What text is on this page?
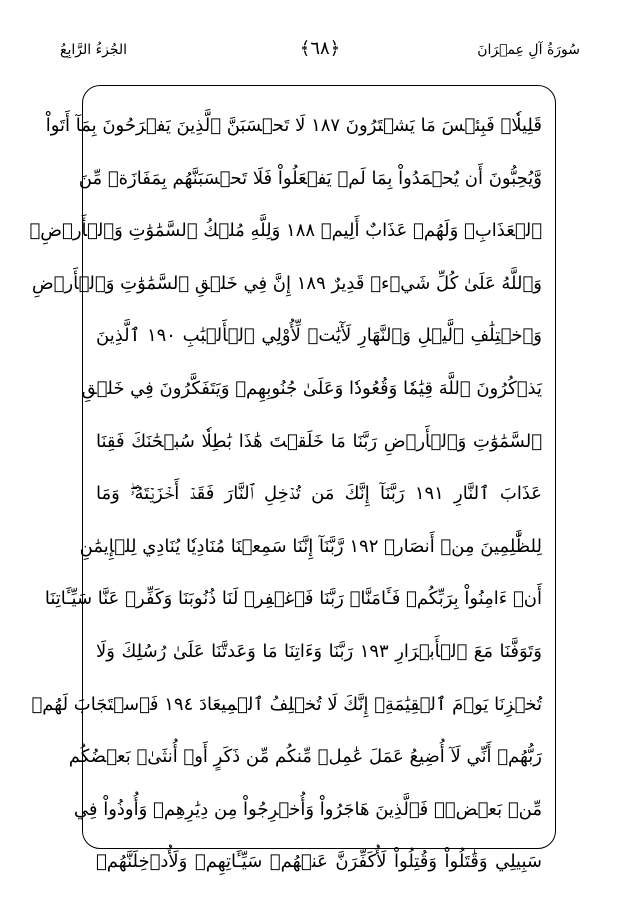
سُورَةُ آلِ عِمۡرَانَ
﴿٦٨﴾
الجُزءُ الرَّابِعُ
قَلِيلٗاۖ فَبِئۡسَ مَا يَشۡتَرُونَ ١٨٧ لَا تَحۡسَبَنَّ ٱلَّذِينَ يَفۡرَحُونَ بِمَآ أَتَواْ
وَّيُحِبُّونَ أَن يُحۡمَدُواْ بِمَا لَمۡ يَفۡعَلُواْ فَلَا تَحۡسَبَنَّهُم بِمَفَازَةٖ مِّنَ
ٱلۡعَذَابِۖ وَلَهُمۡ عَذَابٌ أَلِيمٞ ١٨٨ وَلِلَّهِ مُلۡكُ ٱلسَّمَٰوَٰتِ وَٱلۡأَرۡضِۗ
وَٱللَّهُ عَلَىٰ كُلِّ شَيۡءٖ قَدِيرٌ ١٨٩ إِنَّ فِي خَلۡقِ ٱلسَّمَٰوَٰتِ وَٱلۡأَرۡضِ
وَٱخۡتِلَٰفِ ٱلَّيۡلِ وَٱلنَّهَارِ لَأٓيَٰتٖ لِّأُوْلِي ٱلۡأَلۡبَٰبِ ١٩٠ ٱلَّذِينَ
يَذۡكُرُونَ ٱللَّهَ قِيَٰمٗا وَقُعُودٗا وَعَلَىٰ جُنُوبِهِمۡ وَيَتَفَكَّرُونَ فِي خَلۡقِ
ٱلسَّمَٰوَٰتِ وَٱلۡأَرۡضِ رَبَّنَا مَا خَلَقۡتَ هَٰذَا بَٰطِلٗا سُبۡحَٰنَكَ فَقِنَا
عَذَابَ ٱلنَّارِ ١٩١ رَبَّنَآ إِنَّكَ مَن تُدۡخِلِ ٱلنَّارَ فَقَدۡ أَخۡزَيۡتَهُۥۖ وَمَا
لِلظَّٰلِمِينَ مِنۡ أَنصَارٖ ١٩٢ رَّبَّنَآ إِنَّنَا سَمِعۡنَا مُنَادِيٗا يُنَادِي لِلۡإِيمَٰنِ
أَنۡ ءَامِنُواْ بِرَبِّكُمۡ فَـَٔامَنَّاۚ رَبَّنَا فَٱغۡفِرۡ لَنَا ذُنُوبَنَا وَكَفِّرۡ عَنَّا سَيِّـَٔاتِنَا
وَتَوَفَّنَا مَعَ ٱلۡأَبۡرَارِ ١٩٣ رَبَّنَا وَءَاتِنَا مَا وَعَدتَّنَا عَلَىٰ رُسُلِكَ وَلَا
تُخۡزِنَا يَوۡمَ ٱلۡقِيَٰمَةِۖ إِنَّكَ لَا تُخۡلِفُ ٱلۡمِيعَادَ ١٩٤ فَٱسۡتَجَابَ لَهُمۡ
رَبُّهُمۡ أَنِّي لَآ أُضِيعُ عَمَلَ عَٰمِلٖ مِّنكُم مِّن ذَكَرٍ أَوۡ أُنثَىٰۖ بَعۡضُكُم
مِّنۢ بَعۡضٖۖ فَٱلَّذِينَ هَاجَرُواْ وَأُخۡرِجُواْ مِن دِيَٰرِهِمۡ وَأُوذُواْ فِي
سَبِيلِي وَقَٰتَلُواْ وَقُتِلُواْ لَأُكَفِّرَنَّ عَنۡهُمۡ سَيِّـَٔاتِهِمۡ وَلَأُدۡخِلَنَّهُمۡ
